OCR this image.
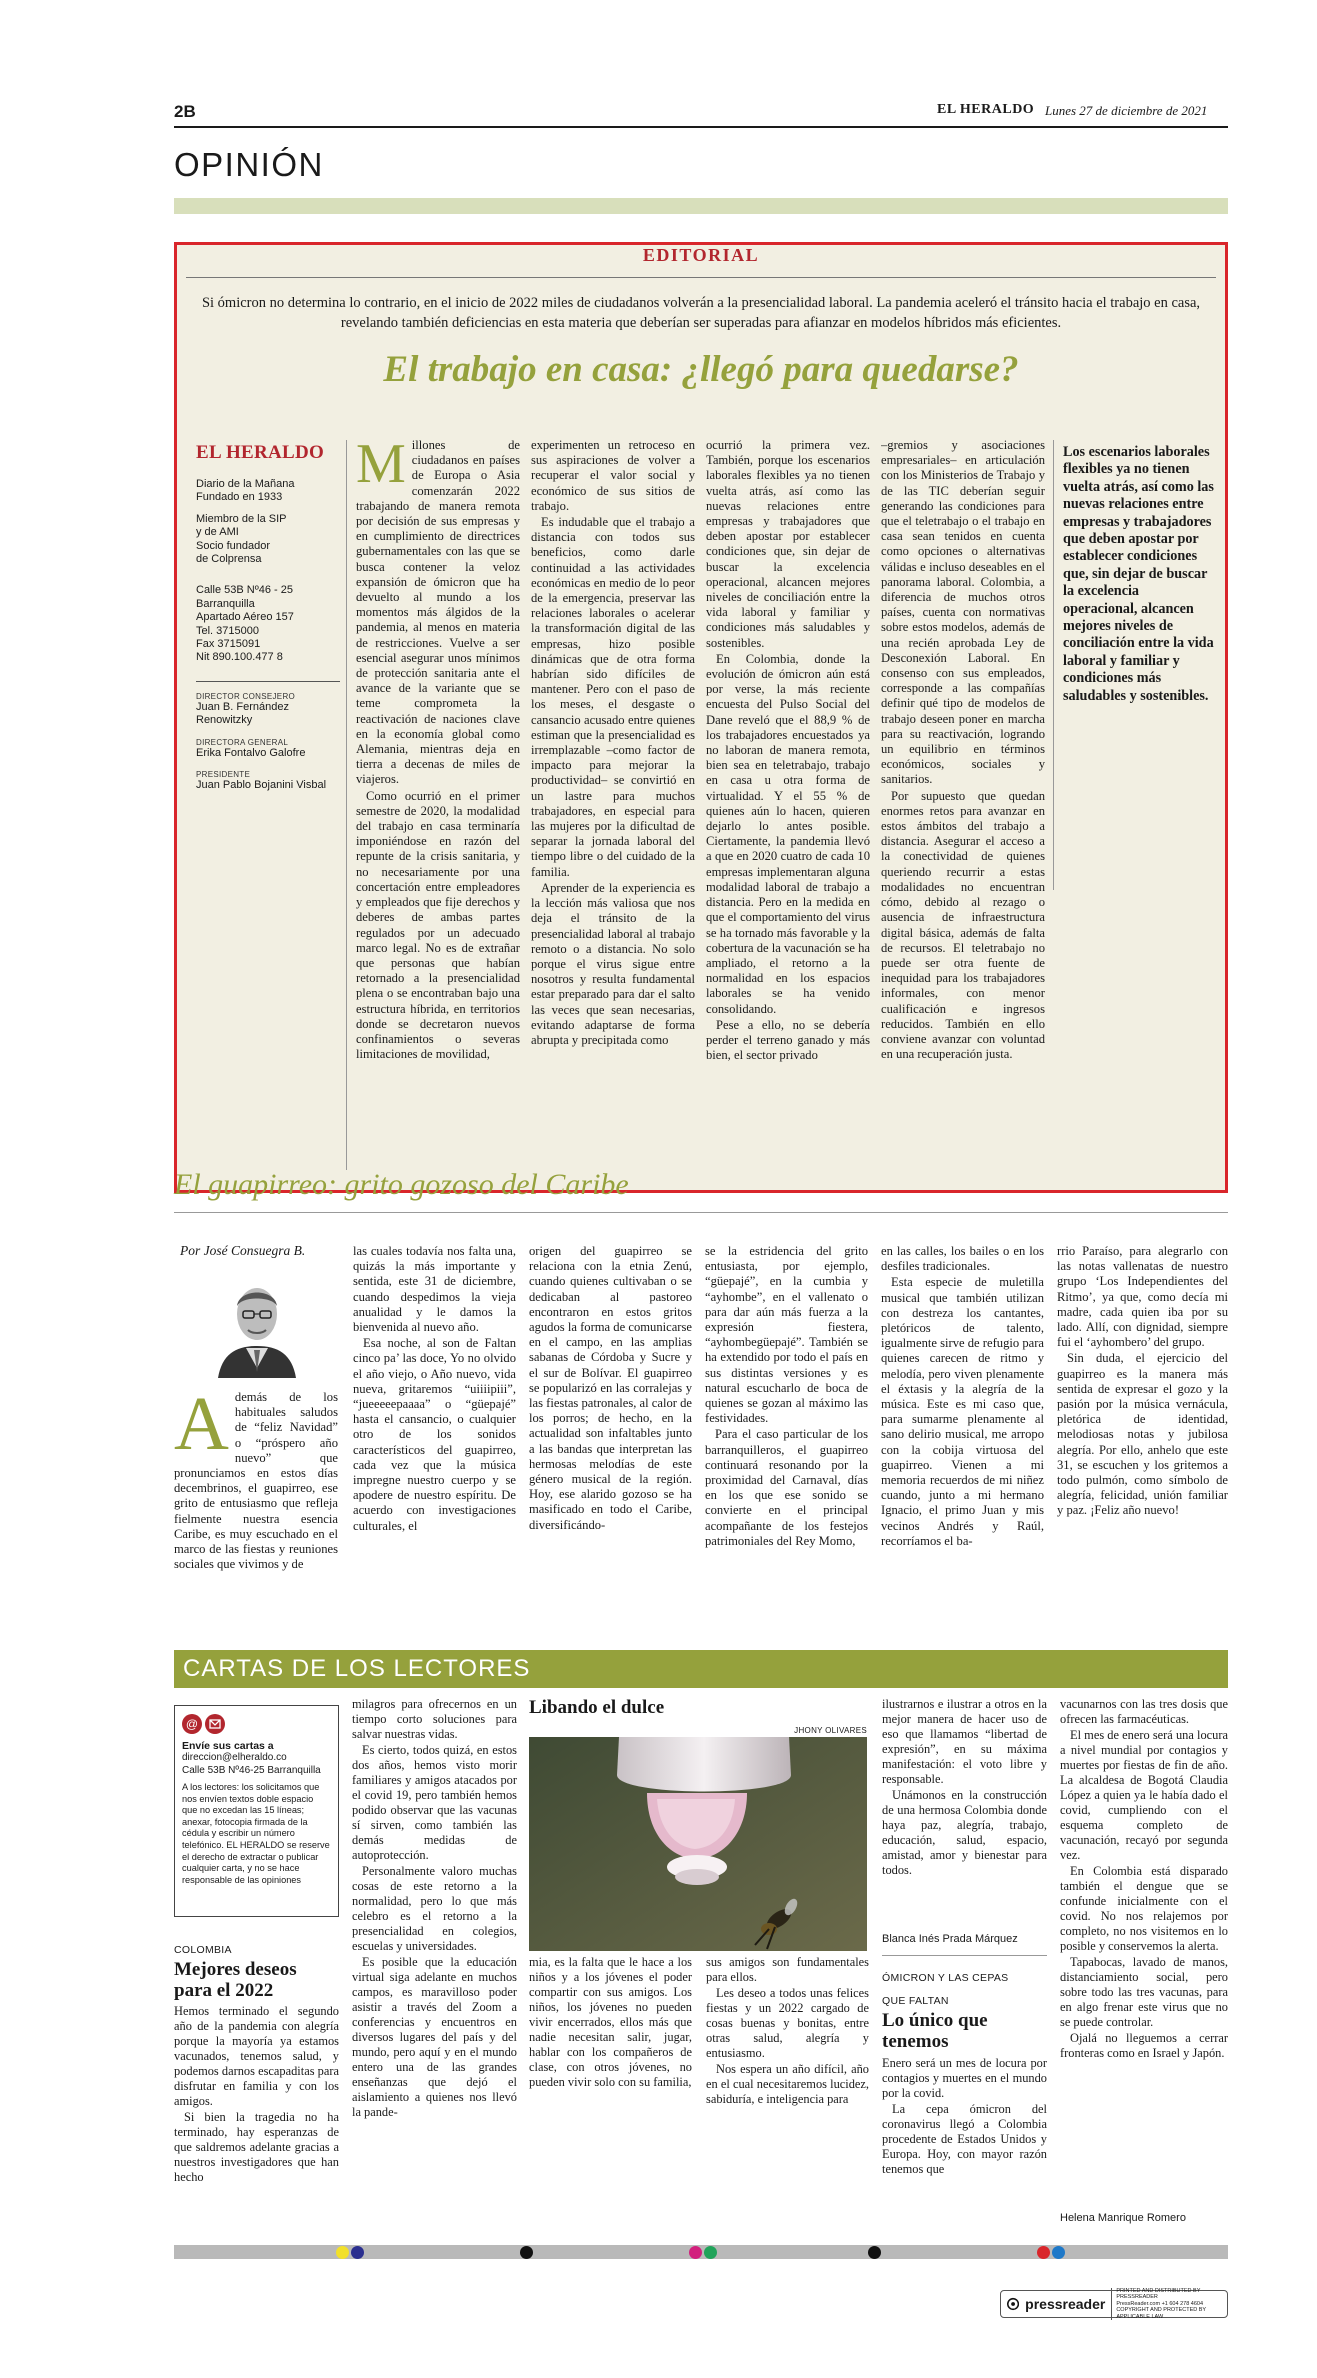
2B	EL HERALDO Lunes 27 de diciembre de 2021
OPINIÓN
EDITORIAL
Si ómicron no determina lo contrario, en el inicio de 2022 miles de ciudadanos volverán a la presencialidad laboral. La pandemia aceleró el tránsito hacia el trabajo en casa, revelando también deficiencias en esta materia que deberían ser superadas para afianzar en modelos híbridos más eficientes.
El trabajo en casa: ¿llegó para quedarse?
EL HERALDO
Diario de la Mañana
Fundado en 1933
Miembro de la SIP
y de AMI
Socio fundador
de Colprensa
Calle 53B Nº46 - 25
Barranquilla
Apartado Aéreo 157
Tel. 3715000
Fax 3715091
Nit 890.100.477 8
DIRECTOR CONSEJERO
Juan B. Fernández Renowitzky
DIRECTORA GENERAL
Erika Fontalvo Galofre
PRESIDENTE
Juan Pablo Bojanini Visbal

Millones de ciudadanos en países de Europa o Asia comenzarán 2022 trabajando de manera remota por decisión de sus empresas y en cumplimiento de directrices gubernamentales con las que se busca contener la veloz expansión de ómicron que ha devuelto al mundo a los momentos más álgidos de la pandemia, al menos en materia de restricciones. Vuelve a ser esencial asegurar unos mínimos de protección sanitaria ante el avance de la variante que se teme comprometa la reactivación de naciones clave en la economía global como Alemania, mientras deja en tierra a decenas de miles de viajeros.

Como ocurrió en el primer semestre de 2020, la modalidad del trabajo en casa terminaría imponiéndose en razón del repunte de la crisis sanitaria, y no necesariamente por una concertación entre empleadores y empleados que fije derechos y deberes de ambas partes regulados por un adecuado marco legal. No es de extrañar que personas que habían retornado a la presencialidad plena o se encontraban bajo una estructura híbrida, en territorios donde se decretaron nuevos confinamientos o severas limitaciones de movilidad,

experimenten un retroceso en sus aspiraciones de volver a recuperar el valor social y económico de sus sitios de trabajo.

Es indudable que el trabajo a distancia con todos sus beneficios, como darle continuidad a las actividades económicas en medio de lo peor de la emergencia, preservar las relaciones laborales o acelerar la transformación digital de las empresas, hizo posible dinámicas que de otra forma habrían sido difíciles de mantener. Pero con el paso de los meses, el desgaste o cansancio acusado entre quienes estiman que la presencialidad es irremplazable –como factor de impacto para mejorar la productividad– se convirtió en un lastre para muchos trabajadores, en especial para las mujeres por la dificultad de separar la jornada laboral del tiempo libre o del cuidado de la familia.

Aprender de la experiencia es la lección más valiosa que nos deja el tránsito de la presencialidad laboral al trabajo remoto o a distancia. No solo porque el virus sigue entre nosotros y resulta fundamental estar preparado para dar el salto las veces que sean necesarias, evitando adaptarse de forma abrupta y precipitada como

ocurrió la primera vez. También, porque los escenarios laborales flexibles ya no tienen vuelta atrás, así como las nuevas relaciones entre empresas y trabajadores que deben apostar por establecer condiciones que, sin dejar de buscar la excelencia operacional, alcancen mejores niveles de conciliación entre la vida laboral y familiar y condiciones más saludables y sostenibles.

En Colombia, donde la evolución de ómicron aún está por verse, la más reciente encuesta del Pulso Social del Dane reveló que el 88,9 % de los trabajadores encuestados ya no laboran de manera remota, bien sea en teletrabajo, trabajo en casa u otra forma de virtualidad. Y el 55 % de quienes aún lo hacen, quieren dejarlo lo antes posible. Ciertamente, la pandemia llevó a que en 2020 cuatro de cada 10 empresas implementaran alguna modalidad laboral de trabajo a distancia. Pero en la medida en que el comportamiento del virus se ha tornado más favorable y la cobertura de la vacunación se ha ampliado, el retorno a la normalidad en los espacios laborales se ha venido consolidando.

Pese a ello, no se debería perder el terreno ganado y más bien, el sector privado

–gremios y asociaciones empresariales– en articulación con los Ministerios de Trabajo y de las TIC deberían seguir generando las condiciones para que el teletrabajo o el trabajo en casa sean tenidos en cuenta como opciones o alternativas válidas e incluso deseables en el panorama laboral. Colombia, a diferencia de muchos otros países, cuenta con normativas sobre estos modelos, además de una recién aprobada Ley de Desconexión Laboral. En consenso con sus empleados, corresponde a las compañías definir qué tipo de modelos de trabajo deseen poner en marcha para su reactivación, logrando un equilibrio en términos económicos, sociales y sanitarios.

Por supuesto que quedan enormes retos para avanzar en estos ámbitos del trabajo a distancia. Asegurar el acceso a la conectividad de quienes queriendo recurrir a estas modalidades no encuentran cómo, debido al rezago o ausencia de infraestructura digital básica, además de falta de recursos. El teletrabajo no puede ser otra fuente de inequidad para los trabajadores informales, con menor cualificación e ingresos reducidos. También en ello conviene avanzar con voluntad en una recuperación justa.

Los escenarios laborales flexibles ya no tienen vuelta atrás, así como las nuevas relaciones entre empresas y trabajadores que deben apostar por establecer condiciones que, sin dejar de buscar la excelencia operacional, alcancen mejores niveles de conciliación entre la vida laboral y familiar y condiciones más saludables y sostenibles.
El guapirreo: grito gozoso del Caribe
Por José Consuegra B.

Además de los habituales saludos de “feliz Navidad” o “próspero año nuevo” que pronunciamos en estos días decembrinos, el guapirreo, ese grito de entusiasmo que refleja fielmente nuestra esencia Caribe, es muy escuchado en el marco de las fiestas y reuniones sociales que vivimos y de

las cuales todavía nos falta una, quizás la más importante y sentida, este 31 de diciembre, cuando despedimos la vieja anualidad y le damos la bienvenida al nuevo año.

Esa noche, al son de Faltan cinco pa’ las doce, Yo no olvido el año viejo, o Año nuevo, vida nueva, gritaremos “uiiiipiii”, “jueeeeepaaaa” o “güepajé” hasta el cansancio, o cualquier otro de los sonidos característicos del guapirreo, cada vez que la música impregne nuestro cuerpo y se apodere de nuestro espíritu. De acuerdo con investigaciones culturales, el

origen del guapirreo se relaciona con la etnia Zenú, cuando quienes cultivaban o se dedicaban al pastoreo encontraron en estos gritos agudos la forma de comunicarse en el campo, en las amplias sabanas de Córdoba y Sucre y el sur de Bolívar. El guapirreo se popularizó en las corralejas y las fiestas patronales, al calor de los porros; de hecho, en la actualidad son infaltables junto a las bandas que interpretan las hermosas melodías de este género musical de la región. Hoy, ese alarido gozoso se ha masificado en todo el Caribe, diversificándo-

se la estridencia del grito entusiasta, por ejemplo, “güepajé”, en la cumbia y “ayhombe”, en el vallenato o para dar aún más fuerza a la expresión fiestera, “ayhombegüepajé”. También se ha extendido por todo el país en sus distintas versiones y es natural escucharlo de boca de quienes se gozan al máximo las festividades.

Para el caso particular de los barranquilleros, el guapirreo continuará resonando por la proximidad del Carnaval, días en los que ese sonido se convierte en el principal acompañante de los festejos patrimoniales del Rey Momo,

en las calles, los bailes o en los desfiles tradicionales.

Esta especie de muletilla musical que también utilizan con destreza los cantantes, pletóricos de talento, igualmente sirve de refugio para quienes carecen de ritmo y melodía, pero viven plenamente el éxtasis y la alegría de la música. Este es mi caso que, para sumarme plenamente al sano delirio musical, me arropo con la cobija virtuosa del guapirreo. Vienen a mi memoria recuerdos de mi niñez cuando, junto a mi hermano Ignacio, el primo Juan y mis vecinos Andrés y Raúl, recorríamos el ba-

rrio Paraíso, para alegrarlo con las notas vallenatas de nuestro grupo ‘Los Independientes del Ritmo’, ya que, como decía mi madre, cada quien iba por su lado. Allí, con dignidad, siempre fui el ‘ayhombero’ del grupo.

Sin duda, el ejercicio del guapirreo es la manera más sentida de expresar el gozo y la pasión por la música vernácula, pletórica de identidad, melodiosas notas y jubilosa alegría. Por ello, anhelo que este 31, se escuchen y los gritemos a todo pulmón, como símbolo de alegría, felicidad, unión familiar y paz. ¡Feliz año nuevo!

CARTAS DE LOS LECTORES
@
Envíe sus cartas a
direccion@elheraldo.co
Calle 53B Nº46-25 Barranquilla
A los lectores: los solicitamos que nos envíen textos doble espacio que no excedan las 15 líneas; anexar, fotocopia firmada de la cédula y escribir un número telefónico. EL HERALDO se reserve el derecho de extractar o publicar cualquier carta, y no se hace responsable de las opiniones
COLOMBIA
Mejores deseos para el 2022

Hemos terminado el segundo año de la pandemia con alegría porque la mayoría ya estamos vacunados, tenemos salud, y podemos darnos escapaditas para disfrutar en familia y con los amigos.

Si bien la tragedia no ha terminado, hay esperanzas de que saldremos adelante gracias a nuestros investigadores que han hecho

milagros para ofrecernos en un tiempo corto soluciones para salvar nuestras vidas.

Es cierto, todos quizá, en estos dos años, hemos visto morir familiares y amigos atacados por el covid 19, pero también hemos podido observar que las vacunas sí sirven, como también las demás medidas de autoprotección.

Personalmente valoro muchas cosas de este retorno a la normalidad, pero lo que más celebro es el retorno a la presencialidad en colegios, escuelas y universidades.

Es posible que la educación virtual siga adelante en muchos campos, es maravilloso poder asistir a través del Zoom a conferencias y encuentros en diversos lugares del país y del mundo, pero aquí y en el mundo entero una de las grandes enseñanzas que dejó el aislamiento a quienes nos llevó la pande-

Libando el dulce
JHONY OLIVARES

mia, es la falta que le hace a los niños y a los jóvenes el poder compartir con sus amigos. Los niños, los jóvenes no pueden vivir encerrados, ellos más que nadie necesitan salir, jugar, hablar con los compañeros de clase, con otros jóvenes, no pueden vivir solo con su familia,

sus amigos son fundamentales para ellos.

Les deseo a todos unas felices fiestas y un 2022 cargado de cosas buenas y bonitas, entre otras salud, alegría y entusiasmo.

Nos espera un año difícil, año en el cual necesitaremos lucidez, sabiduría, e inteligencia para

ilustrarnos e ilustrar a otros en la mejor manera de hacer uso de eso que llamamos “libertad de expresión”, en su máxima manifestación: el voto libre y responsable.

Unámonos en la construcción de una hermosa Colombia donde haya paz, alegría, trabajo, educación, salud, espacio, amistad, amor y bienestar para todos.

Blanca Inés Prada Márquez
ÓMICRON Y LAS CEPAS
QUE FALTAN
Lo único que tenemos

Enero será un mes de locura por contagios y muertes en el mundo por la covid.

La cepa ómicron del coronavirus llegó a Colombia procedente de Estados Unidos y Europa. Hoy, con mayor razón tenemos que

vacunarnos con las tres dosis que ofrecen las farmacéuticas.

El mes de enero será una locura a nivel mundial por contagios y muertes por fiestas de fin de año. La alcaldesa de Bogotá Claudia López a quien ya le había dado el covid, cumpliendo con el esquema completo de vacunación, recayó por segunda vez.

En Colombia está disparado también el dengue que se confunde inicialmente con el covid. No nos relajemos por completo, no nos visitemos en lo posible y conservemos la alerta.

Tapabocas, lavado de manos, distanciamiento social, pero sobre todo las tres vacunas, para en algo frenar este virus que no se puede controlar.

Ojalá no lleguemos a cerrar fronteras como en Israel y Japón.

Helena Manrique Romero
pressreader
PRINTED AND DISTRIBUTED BY PRESSREADER
PressReader.com +1 604 278 4604
COPYRIGHT AND PROTECTED BY APPLICABLE LAW
